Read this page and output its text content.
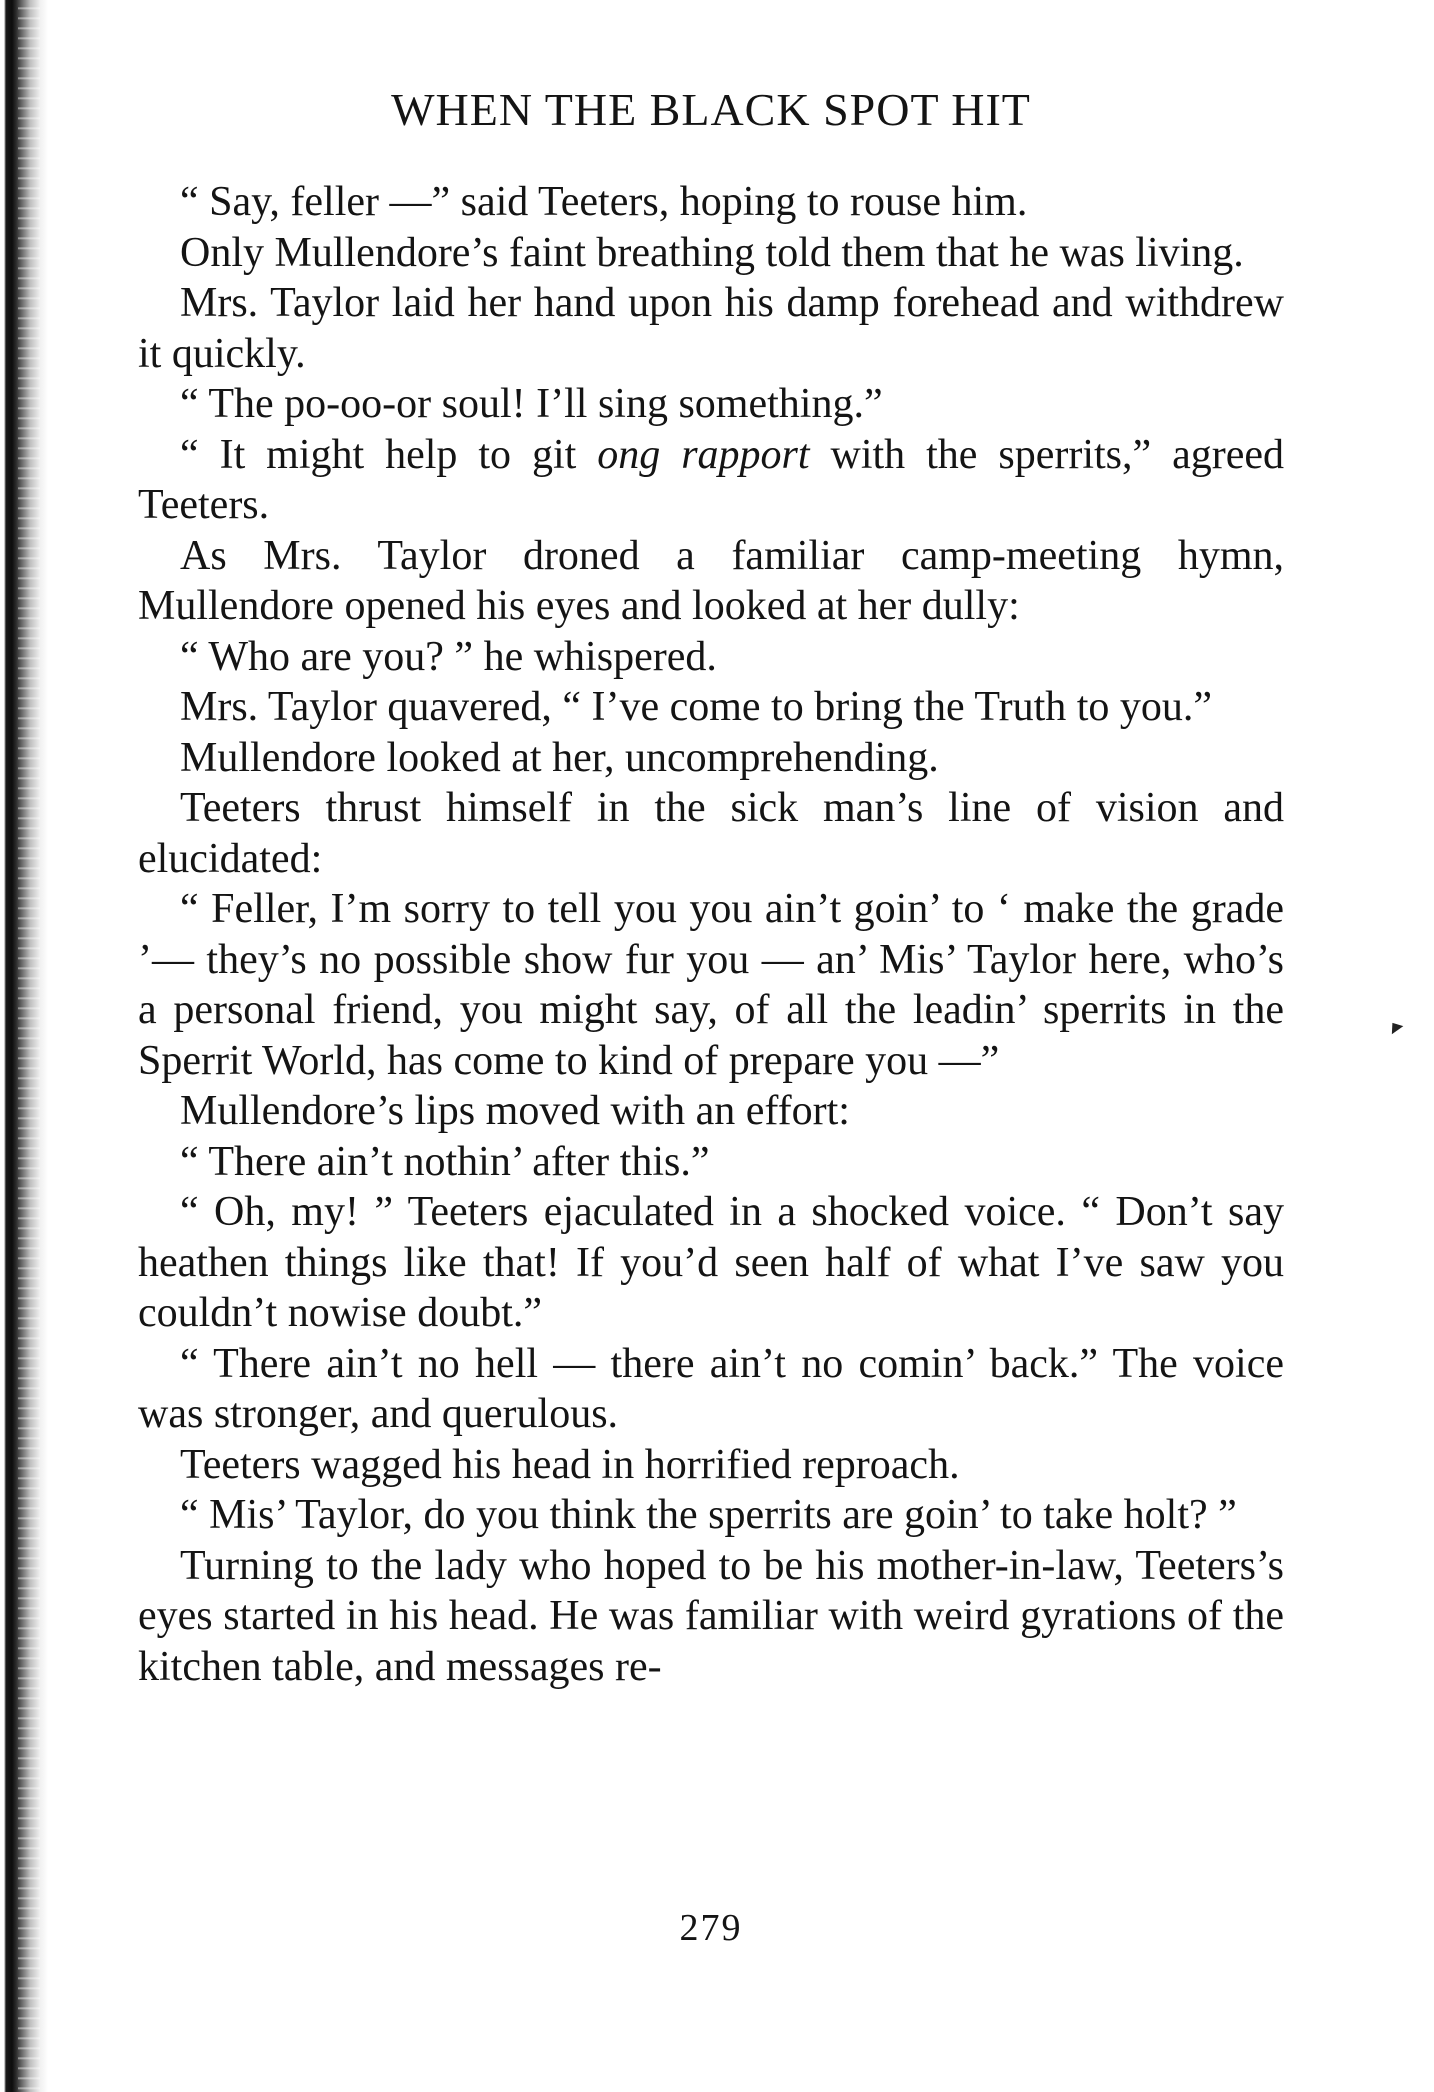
WHEN THE BLACK SPOT HIT

“ Say, feller —” said Teeters, hoping to rouse him.

Only Mullendore’s faint breathing told them that he was living.

Mrs. Taylor laid her hand upon his damp forehead and withdrew it quickly.

“ The po-oo-or soul! I’ll sing something.”

“ It might help to git ong rapport with the sperrits,” agreed Teeters.

As Mrs. Taylor droned a familiar camp-meeting hymn, Mullendore opened his eyes and looked at her dully:

“ Who are you? ” he whispered.

Mrs. Taylor quavered, “ I’ve come to bring the Truth to you.”

Mullendore looked at her, uncomprehending.

Teeters thrust himself in the sick man’s line of vision and elucidated:

“ Feller, I’m sorry to tell you you ain’t goin’ to ‘ make the grade ’— they’s no possible show fur you — an’ Mis’ Taylor here, who’s a personal friend, you might say, of all the leadin’ sperrits in the Sperrit World, has come to kind of prepare you —”

Mullendore’s lips moved with an effort:

“ There ain’t nothin’ after this.”

“ Oh, my! ” Teeters ejaculated in a shocked voice. “ Don’t say heathen things like that! If you’d seen half of what I’ve saw you couldn’t nowise doubt.”

“ There ain’t no hell — there ain’t no comin’ back.” The voice was stronger, and querulous.

Teeters wagged his head in horrified reproach.

“ Mis’ Taylor, do you think the sperrits are goin’ to take holt? ”

Turning to the lady who hoped to be his mother-in-law, Teeters’s eyes started in his head. He was familiar with weird gyrations of the kitchen table, and messages re-

279
